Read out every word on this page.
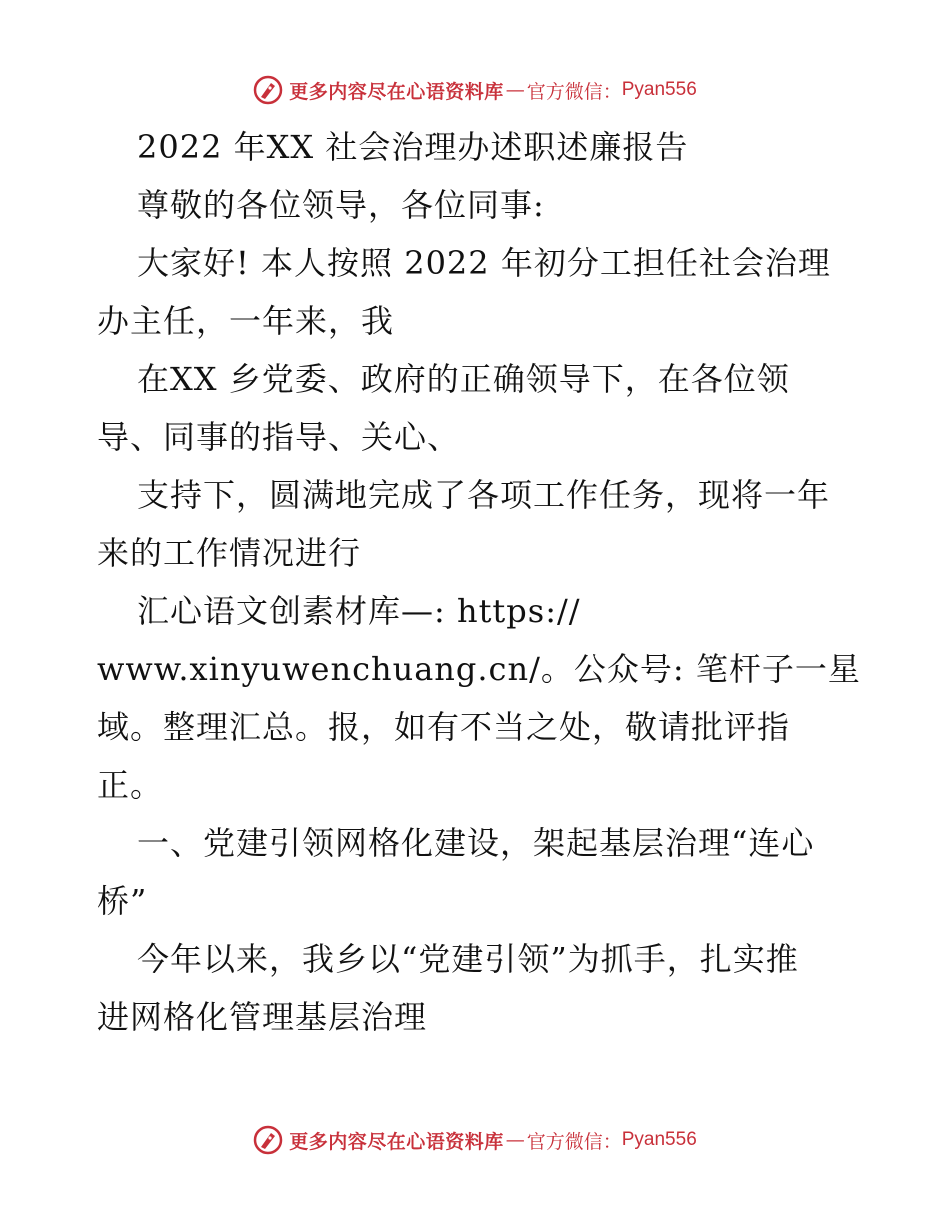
更多内容尽在心语资料库 — 官方微信： Pyan556
2022 年XX 社会治理办述职述廉报告
尊敬的各位领导，各位同事:
大家好! 本人按照 2022 年初分工担任社会治理
办主任，一年来，我
在XX 乡党委、政府的正确领导下，在各位领
导、同事的指导、关心、
支持下，圆满地完成了各项工作任务，现将一年
来的工作情况进行
汇心语文创素材库—: https://
www.xinyuwenchuang.cn/。公众号: 笔杆子一星
域。整理汇总。报，如有不当之处，敬请批评指
正。
一、党建引领网格化建设，架起基层治理“连心
桥”
今年以来，我乡以“党建引领”为抓手，扎实推
进网格化管理基层治理
更多内容尽在心语资料库 — 官方微信： Pyan556
